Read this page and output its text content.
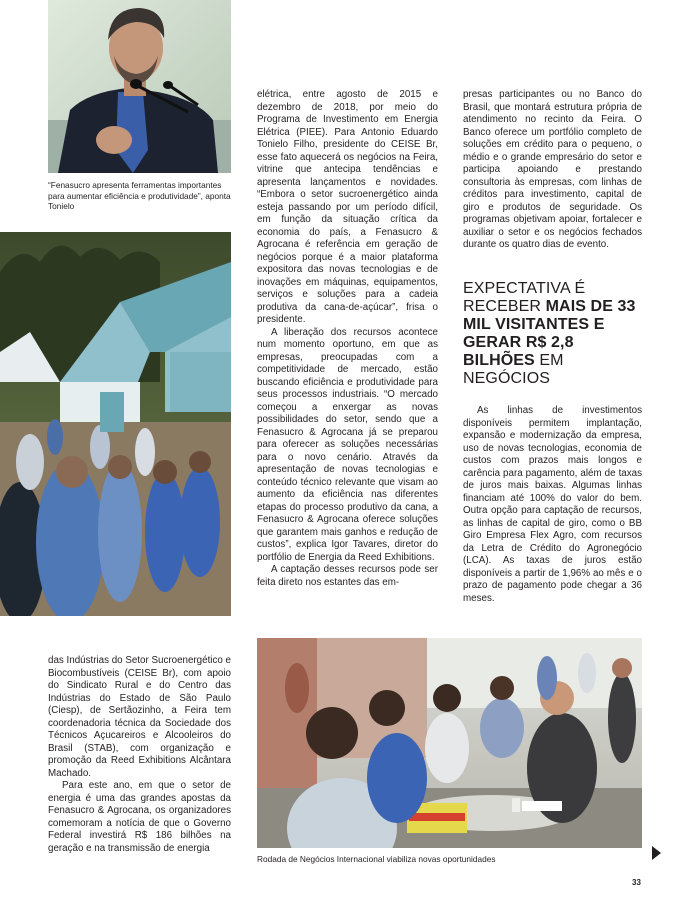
“Fenasucro apresenta ferramentas importantes para aumentar eficiência e produtividade”, aponta Tonielo

elétrica, entre agosto de 2015 e dezembro de 2018, por meio do Programa de Investimento em Energia Elétrica (PIEE). Para Antonio Eduardo Tonielo Filho, presidente do CEISE Br, esse fato aquecerá os negócios na Feira, vitrine que antecipa tendências e apresenta lançamentos e novidades. “Embora o setor sucroenergético ainda esteja passando por um período difícil, em função da situação crítica da economia do país, a Fenasucro & Agrocana é referência em geração de negócios porque é a maior plataforma expositora das novas tecnologias e de inovações em máquinas, equipamentos, serviços e soluções para a cadeia produtiva da cana-de-açúcar”, frisa o presidente.

A liberação dos recursos acontece num momento oportuno, em que as empresas, preocupadas com a competitividade de mercado, estão buscando eficiência e produtividade para seus processos industriais. “O mercado começou a enxergar as novas possibilidades do setor, sendo que a Fenasucro & Agrocana já se preparou para oferecer as soluções necessárias para o novo cenário. Através da apresentação de novas tecnologias e conteúdo técnico relevante que visam ao aumento da eficiência nas diferentes etapas do processo produtivo da cana, a Fenasucro & Agrocana oferece soluções que garantem mais ganhos e redução de custos”, explica Igor Tavares, diretor do portfólio de Energia da Reed Exhibitions.

A captação desses recursos pode ser feita direto nos estantes das em-

presas participantes ou no Banco do Brasil, que montará estrutura própria de atendimento no recinto da Feira. O Banco oferece um portfólio completo de soluções em crédito para o pequeno, o médio e o grande empresário do setor e participa apoiando e prestando consultoria às empresas, com linhas de créditos para investimento, capital de giro e produtos de seguridade. Os programas objetivam apoiar, fortalecer e auxiliar o setor e os negócios fechados durante os quatro dias de evento.

EXPECTATIVA É RECEBER MAIS DE 33 MIL VISITANTES E GERAR R$ 2,8 BILHÕES EM NEGÓCIOS

As linhas de investimentos disponíveis permitem implantação, expansão e modernização da empresa, uso de novas tecnologias, economia de custos com prazos mais longos e carência para pagamento, além de taxas de juros mais baixas. Algumas linhas financiam até 100% do valor do bem. Outra opção para captação de recursos, as linhas de capital de giro, como o BB Giro Empresa Flex Agro, com recursos da Letra de Crédito do Agronegócio (LCA). As taxas de juros estão disponíveis a partir de 1,96% ao mês e o prazo de pagamento pode chegar a 36 meses.

das Indústrias do Setor Sucroenergético e Biocombustíveis (CEISE Br), com apoio do Sindicato Rural e do Centro das Indústrias do Estado de São Paulo (Ciesp), de Sertãozinho, a Feira tem coordenadoria técnica da Sociedade dos Técnicos Açucareiros e Alcooleiros do Brasil (STAB), com organização e promoção da Reed Exhibitions Alcântara Machado.

Para este ano, em que o setor de energia é uma das grandes apostas da Fenasucro & Agrocana, os organizadores comemoram a notícia de que o Governo Federal investirá R$ 186 bilhões na geração e na transmissão de energia

Rodada de Negócios Internacional viabiliza novas oportunidades
33
